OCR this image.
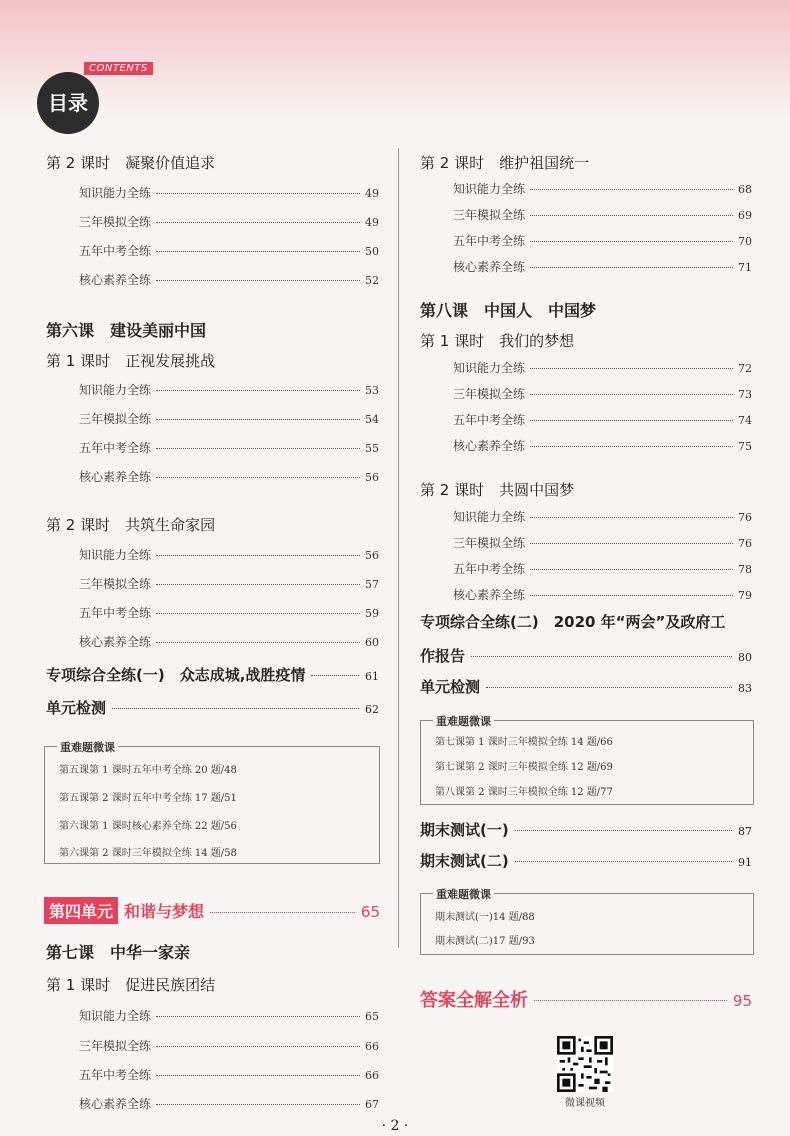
目录
CONTENTS
第 2 课时　凝聚价值追求
知识能力全练	49
三年模拟全练	49
五年中考全练	50
核心素养全练	52
第六课　建设美丽中国
第 1 课时　正视发展挑战
知识能力全练	53
三年模拟全练	54
五年中考全练	55
核心素养全练	56
第 2 课时　共筑生命家园
知识能力全练	56
三年模拟全练	57
五年中考全练	59
核心素养全练	60
专项综合全练(一)　众志成城,战胜疫情	61
单元检测	62
重难题微课
第五课第 1 课时五年中考全练 20 题/48
第五课第 2 课时五年中考全练 17 题/51
第六课第 1 课时核心素养全练 22 题/56
第六课第 2 课时三年模拟全练 14 题/58
第四单元 和谐与梦想	65
第七课　中华一家亲
第 1 课时　促进民族团结
知识能力全练	65
三年模拟全练	66
五年中考全练	66
核心素养全练	67
第 2 课时　维护祖国统一
知识能力全练	68
三年模拟全练	69
五年中考全练	70
核心素养全练	71
第八课　中国人　中国梦
第 1 课时　我们的梦想
知识能力全练	72
三年模拟全练	73
五年中考全练	74
核心素养全练	75
第 2 课时　共圆中国梦
知识能力全练	76
三年模拟全练	76
五年中考全练	78
核心素养全练	79
专项综合全练(二)　2020 年“两会”及政府工
作报告	80
单元检测	83
重难题微课
第七课第 1 课时三年模拟全练 14 题/66
第七课第 2 课时三年模拟全练 12 题/69
第八课第 2 课时三年模拟全练 12 题/77
期末测试(一)	87
期末测试(二)	91
重难题微课
期末测试(一)14 题/88
期末测试(二)17 题/93
答案全解全析	95
微课视频
· 2 ·
